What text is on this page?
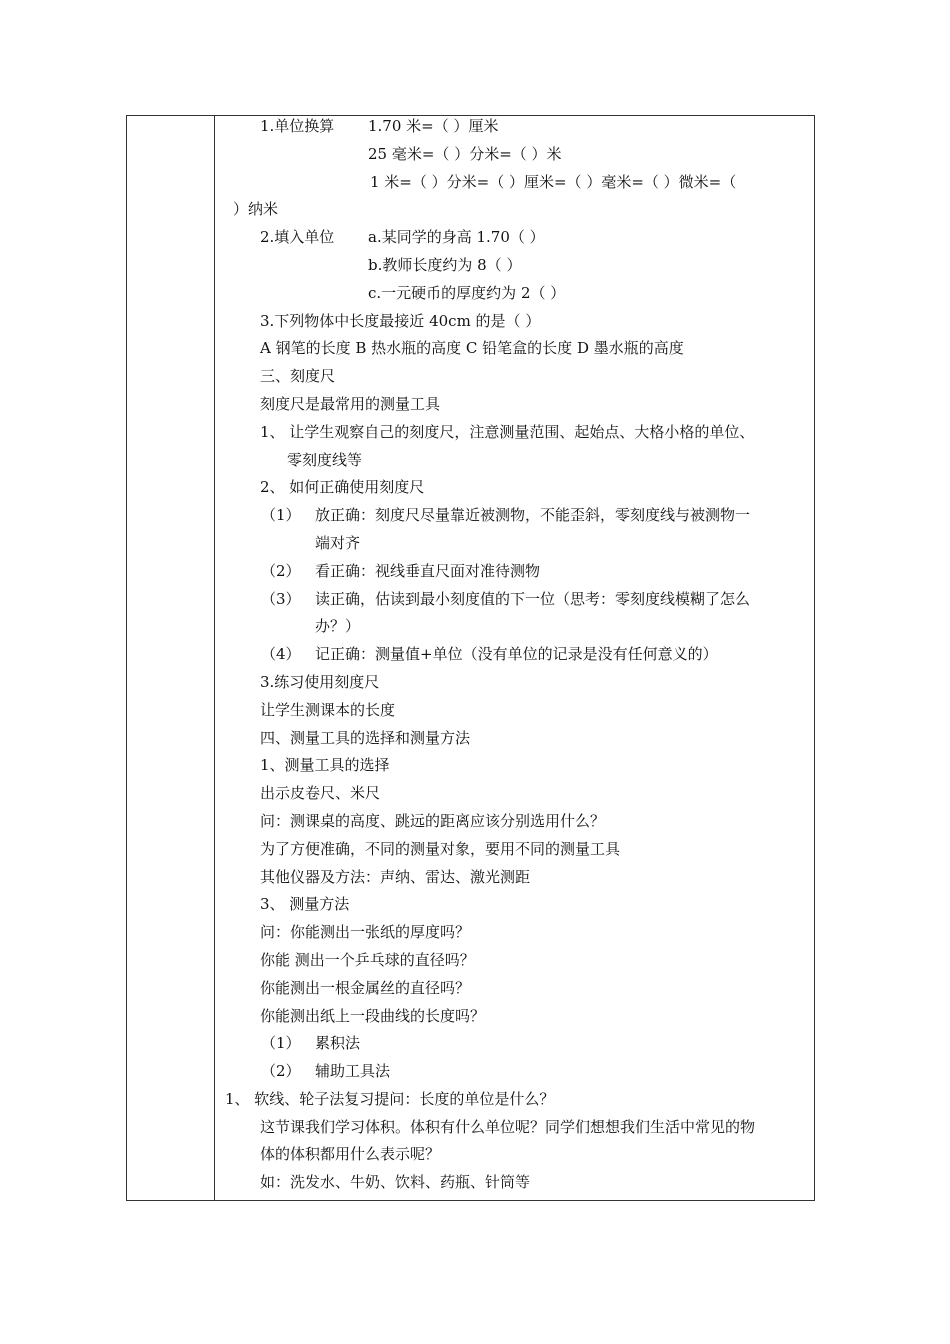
1.单位换算 1.70 米=（ ）厘米
25 毫米=（ ）分米=（ ）米
1 米=（ ）分米=（ ）厘米=（ ）毫米=（ ）微米=（
）纳米
2.填入单位 a.某同学的身高 1.70（ ）
b.教师长度约为 8（ ）
c.一元硬币的厚度约为 2（ ）
3.下列物体中长度最接近 40cm 的是（ ）
A 钢笔的长度 B 热水瓶的高度 C 铅笔盒的长度 D 墨水瓶的高度
三、刻度尺
刻度尺是最常用的测量工具
1、 让学生观察自己的刻度尺，注意测量范围、起始点、大格小格的单位、
零刻度线等
2、 如何正确使用刻度尺
（1） 放正确：刻度尺尽量靠近被测物，不能歪斜，零刻度线与被测物一
端对齐
（2） 看正确：视线垂直尺面对准待测物
（3） 读正确，估读到最小刻度值的下一位（思考：零刻度线模糊了怎么
办？）
（4） 记正确：测量值+单位（没有单位的记录是没有任何意义的）
3.练习使用刻度尺
让学生测课本的长度
四、测量工具的选择和测量方法
1、测量工具的选择
出示皮卷尺、米尺
问：测课桌的高度、跳远的距离应该分别选用什么？
为了方便准确，不同的测量对象，要用不同的测量工具
其他仪器及方法：声纳、雷达、激光测距
3、 测量方法
问：你能测出一张纸的厚度吗？
你能 测出一个乒乓球的直径吗？
你能测出一根金属丝的直径吗？
你能测出纸上一段曲线的长度吗？
（1） 累积法
（2） 辅助工具法
1、 软线、轮子法复习提问：长度的单位是什么？
这节课我们学习体积。体积有什么单位呢？同学们想想我们生活中常见的物
体的体积都用什么表示呢？
如：洗发水、牛奶、饮料、药瓶、针筒等
